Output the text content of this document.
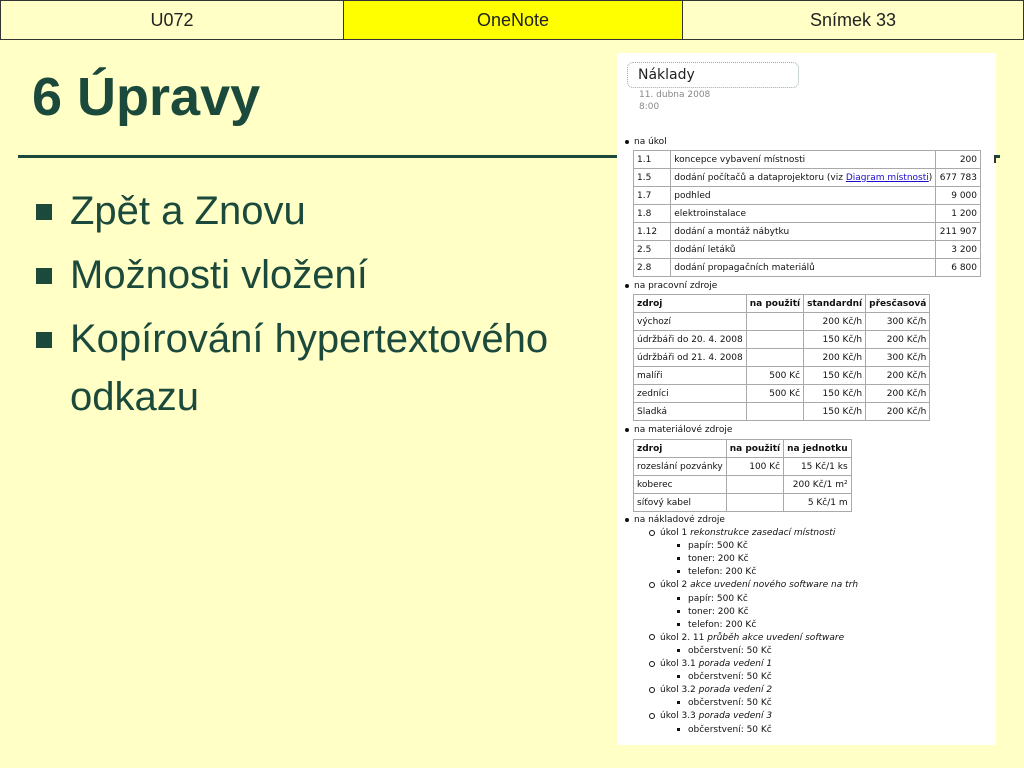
U072	OneNote	Snímek 33
6 Úpravy
Zpět a Znovu
Možnosti vložení
Kopírování hypertextového odkazu
Náklady
11. dubna 2008
8:00
na úkol
1.1	koncepce vybavení místnosti	200
1.5	dodání počítačů a dataprojektoru (viz Diagram místnosti)	677 783
1.7	podhled	9 000
1.8	elektroinstalace	1 200
1.12	dodání a montáž nábytku	211 907
2.5	dodání letáků	3 200
2.8	dodání propagačních materiálů	6 800
na pracovní zdroje
zdroj	na použití	standardní	přesčasová
výchozí		200 Kč/h	300 Kč/h
údržbáři do 20. 4. 2008		150 Kč/h	200 Kč/h
údržbáři od 21. 4. 2008		200 Kč/h	300 Kč/h
malíři	500 Kč	150 Kč/h	200 Kč/h
zedníci	500 Kč	150 Kč/h	200 Kč/h
Sladká		150 Kč/h	200 Kč/h
na materiálové zdroje
zdroj	na použití	na jednotku
rozeslání pozvánky	100 Kč	15 Kč/1 ks
koberec		200 Kč/1 m²
síťový kabel		5 Kč/1 m
na nákladové zdroje
úkol 1 rekonstrukce zasedací místnosti
papír: 500 Kč
toner: 200 Kč
telefon: 200 Kč
úkol 2 akce uvedení nového software na trh
papír: 500 Kč
toner: 200 Kč
telefon: 200 Kč
úkol 2. 11 průběh akce uvedení software
občerstvení: 50 Kč
úkol 3.1 porada vedení 1
občerstvení: 50 Kč
úkol 3.2 porada vedení 2
občerstvení: 50 Kč
úkol 3.3 porada vedení 3
občerstvení: 50 Kč
